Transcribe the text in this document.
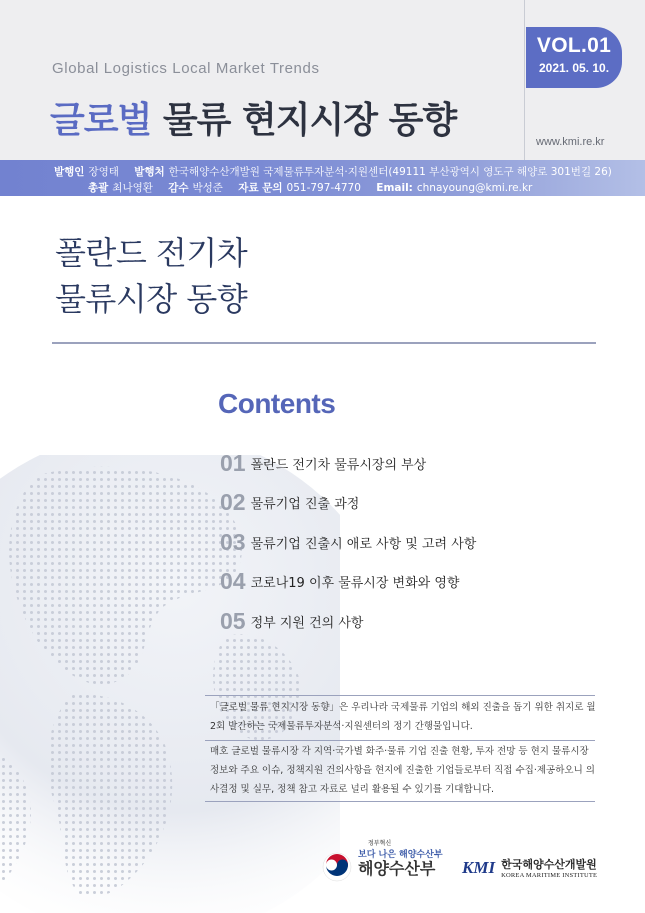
Global Logistics Local Market Trends
글로벌 물류 현지시장 동향
VOL.01
2021. 05. 10.
www.kmi.re.kr
발행인 장영태 발행처 한국해양수산개발원 국제물류투자분석·지원센터(49111 부산광역시 영도구 해양로 301번길 26)
총괄 최나영환 감수 박성준 자료 문의 051-797-4770 Email: chnayoung@kmi.re.kr
폴란드 전기차
물류시장 동향
Contents
01 폴란드 전기차 물류시장의 부상
02 물류기업 진출 과정
03 물류기업 진출시 애로 사항 및 고려 사항
04 코로나19 이후 물류시장 변화와 영향
05 정부 지원 건의 사항
「글로벌 물류 현지시장 동향」은 우리나라 국제물류 기업의 해외 진출을 돕기 위한 취지로 월 2회 발간하는 국제물류투자분석·지원센터의 정기 간행물입니다.
매호 글로벌 물류시장 각 지역·국가별 화주·물류 기업 진출 현황, 투자 전망 등 현지 물류시장 정보와 주요 이슈, 정책지원 건의사항을 현지에 진출한 기업들로부터 직접 수집·제공하오니 의사결정 및 실무, 정책 참고 자료로 널리 활용될 수 있기를 기대합니다.
정부혁신
보다 나은 해양수산부
해양수산부 KMI 한국해양수산개발원
KOREA MARITIME INSTITUTE
